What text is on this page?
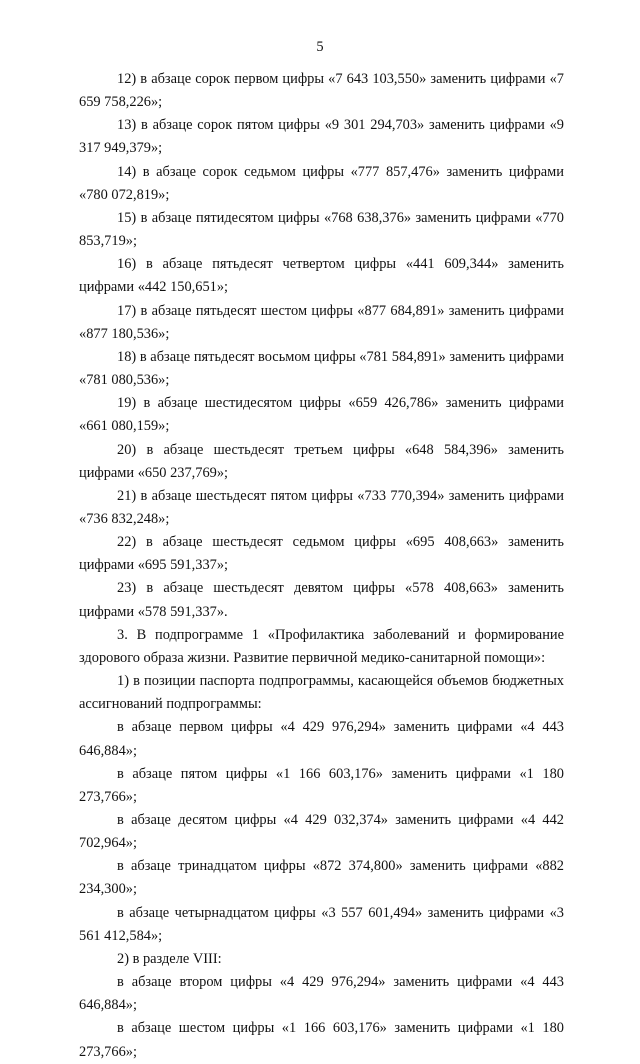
5

12) в абзаце сорок первом цифры «7 643 103,550» заменить цифрами «7 659 758,226»;

13) в абзаце сорок пятом цифры «9 301 294,703» заменить цифрами «9 317 949,379»;

14) в абзаце сорок седьмом цифры «777 857,476» заменить цифрами «780 072,819»;

15) в абзаце пятидесятом цифры «768 638,376» заменить цифрами «770 853,719»;

16) в абзаце пятьдесят четвертом цифры «441 609,344» заменить цифрами «442 150,651»;

17) в абзаце пятьдесят шестом цифры «877 684,891» заменить цифрами «877 180,536»;

18) в абзаце пятьдесят восьмом цифры «781 584,891» заменить цифрами «781 080,536»;

19) в абзаце шестидесятом цифры «659 426,786» заменить цифрами «661 080,159»;

20) в абзаце шестьдесят третьем цифры «648 584,396» заменить цифрами «650 237,769»;

21) в абзаце шестьдесят пятом цифры «733 770,394» заменить цифрами «736 832,248»;

22) в абзаце шестьдесят седьмом цифры «695 408,663» заменить цифрами «695 591,337»;

23) в абзаце шестьдесят девятом цифры «578 408,663» заменить цифрами «578 591,337».

3. В подпрограмме 1 «Профилактика заболеваний и формирование здорового образа жизни. Развитие первичной медико-санитарной помощи»:

1) в позиции паспорта подпрограммы, касающейся объемов бюджетных ассигнований подпрограммы:

в абзаце первом цифры «4 429 976,294» заменить цифрами «4 443 646,884»;

в абзаце пятом цифры «1 166 603,176» заменить цифрами «1 180 273,766»;

в абзаце десятом цифры «4 429 032,374» заменить цифрами «4 442 702,964»;

в абзаце тринадцатом цифры «872 374,800» заменить цифрами «882 234,300»;

в абзаце четырнадцатом цифры «3 557 601,494» заменить цифрами «3 561 412,584»;

2) в разделе VIII:

в абзаце втором цифры «4 429 976,294» заменить цифрами «4 443 646,884»;

в абзаце шестом цифры «1 166 603,176» заменить цифрами «1 180 273,766»;
